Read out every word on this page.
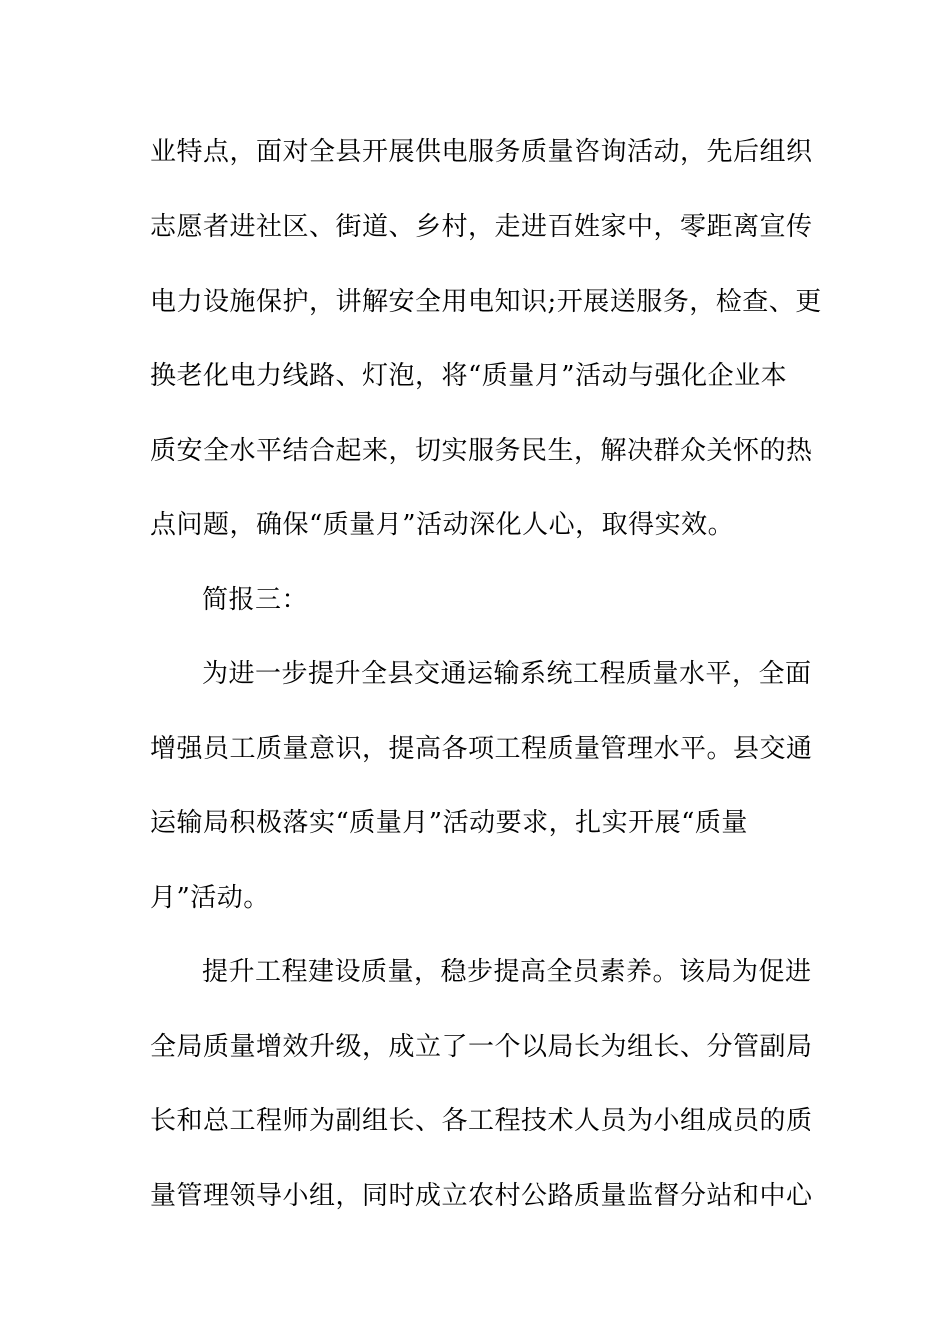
业特点，面对全县开展供电服务质量咨询活动，先后组织

志愿者进社区、街道、乡村，走进百姓家中，零距离宣传

电力设施保护，讲解安全用电知识;开展送服务，检查、更

换老化电力线路、灯泡，将“质量月”活动与强化企业本

质安全水平结合起来，切实服务民生，解决群众关怀的热

点问题，确保“质量月”活动深化人心，取得实效。

简报三：

为进一步提升全县交通运输系统工程质量水平，全面

增强员工质量意识，提高各项工程质量管理水平。县交通

运输局积极落实“质量月”活动要求，扎实开展“质量

月”活动。

提升工程建设质量，稳步提高全员素养。该局为促进

全局质量增效升级，成立了一个以局长为组长、分管副局

长和总工程师为副组长、各工程技术人员为小组成员的质

量管理领导小组，同时成立农村公路质量监督分站和中心
